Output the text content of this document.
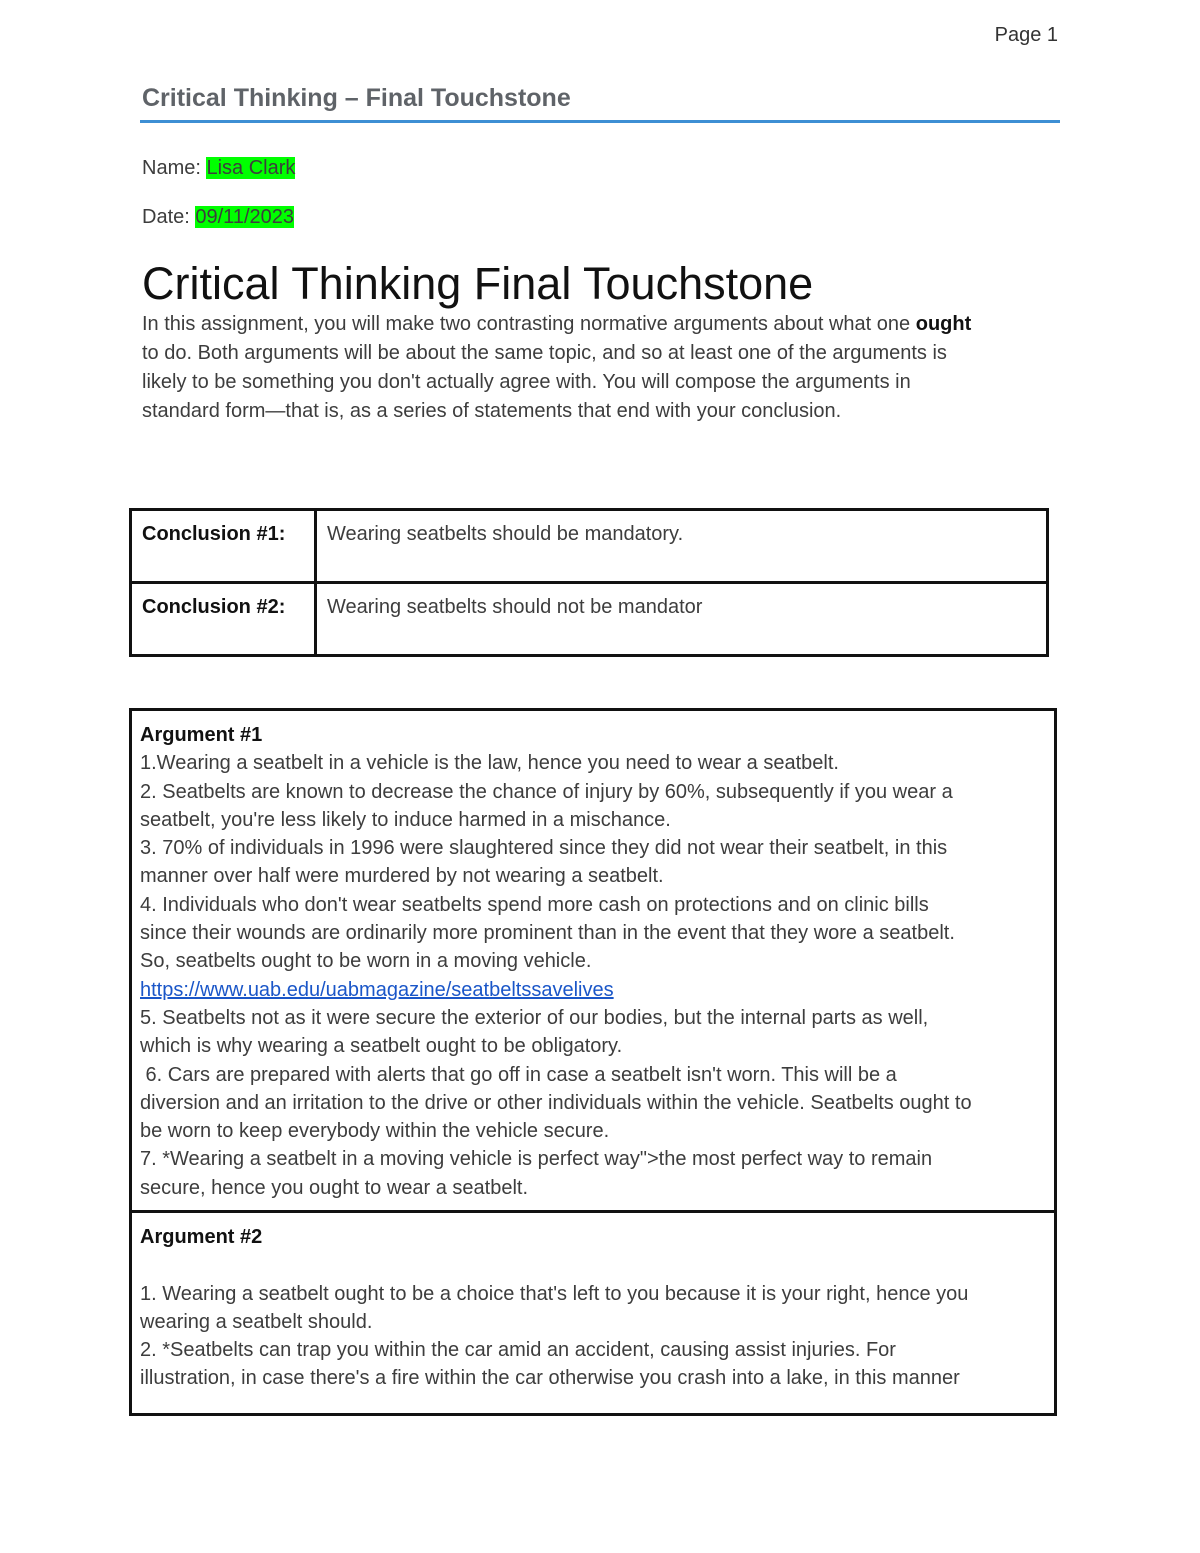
Page 1
Critical Thinking – Final Touchstone
Name: Lisa Clark
Date: 09/11/2023
Critical Thinking Final Touchstone
In this assignment, you will make two contrasting normative arguments about what one ought
to do. Both arguments will be about the same topic, and so at least one of the arguments is
likely to be something you don't actually agree with. You will compose the arguments in
standard form—that is, as a series of statements that end with your conclusion.
Conclusion #1:	Wearing seatbelts should be mandatory.
Conclusion #2:	Wearing seatbelts should not be mandator
Argument #1
1.Wearing a seatbelt in a vehicle is the law, hence you need to wear a seatbelt.
2. Seatbelts are known to decrease the chance of injury by 60%, subsequently if you wear a
seatbelt, you're less likely to induce harmed in a mischance.
3. 70% of individuals in 1996 were slaughtered since they did not wear their seatbelt, in this
manner over half were murdered by not wearing a seatbelt.
4. Individuals who don't wear seatbelts spend more cash on protections and on clinic bills
since their wounds are ordinarily more prominent than in the event that they wore a seatbelt.
So, seatbelts ought to be worn in a moving vehicle.
https://www.uab.edu/uabmagazine/seatbeltssavelives
5. Seatbelts not as it were secure the exterior of our bodies, but the internal parts as well,
which is why wearing a seatbelt ought to be obligatory.
6. Cars are prepared with alerts that go off in case a seatbelt isn't worn. This will be a
diversion and an irritation to the drive or other individuals within the vehicle. Seatbelts ought to
be worn to keep everybody within the vehicle secure.
7. *Wearing a seatbelt in a moving vehicle is perfect way">the most perfect way to remain
secure, hence you ought to wear a seatbelt.
Argument #2

1. Wearing a seatbelt ought to be a choice that's left to you because it is your right, hence you
wearing a seatbelt should.
2. *Seatbelts can trap you within the car amid an accident, causing assist injuries. For
illustration, in case there's a fire within the car otherwise you crash into a lake, in this manner
